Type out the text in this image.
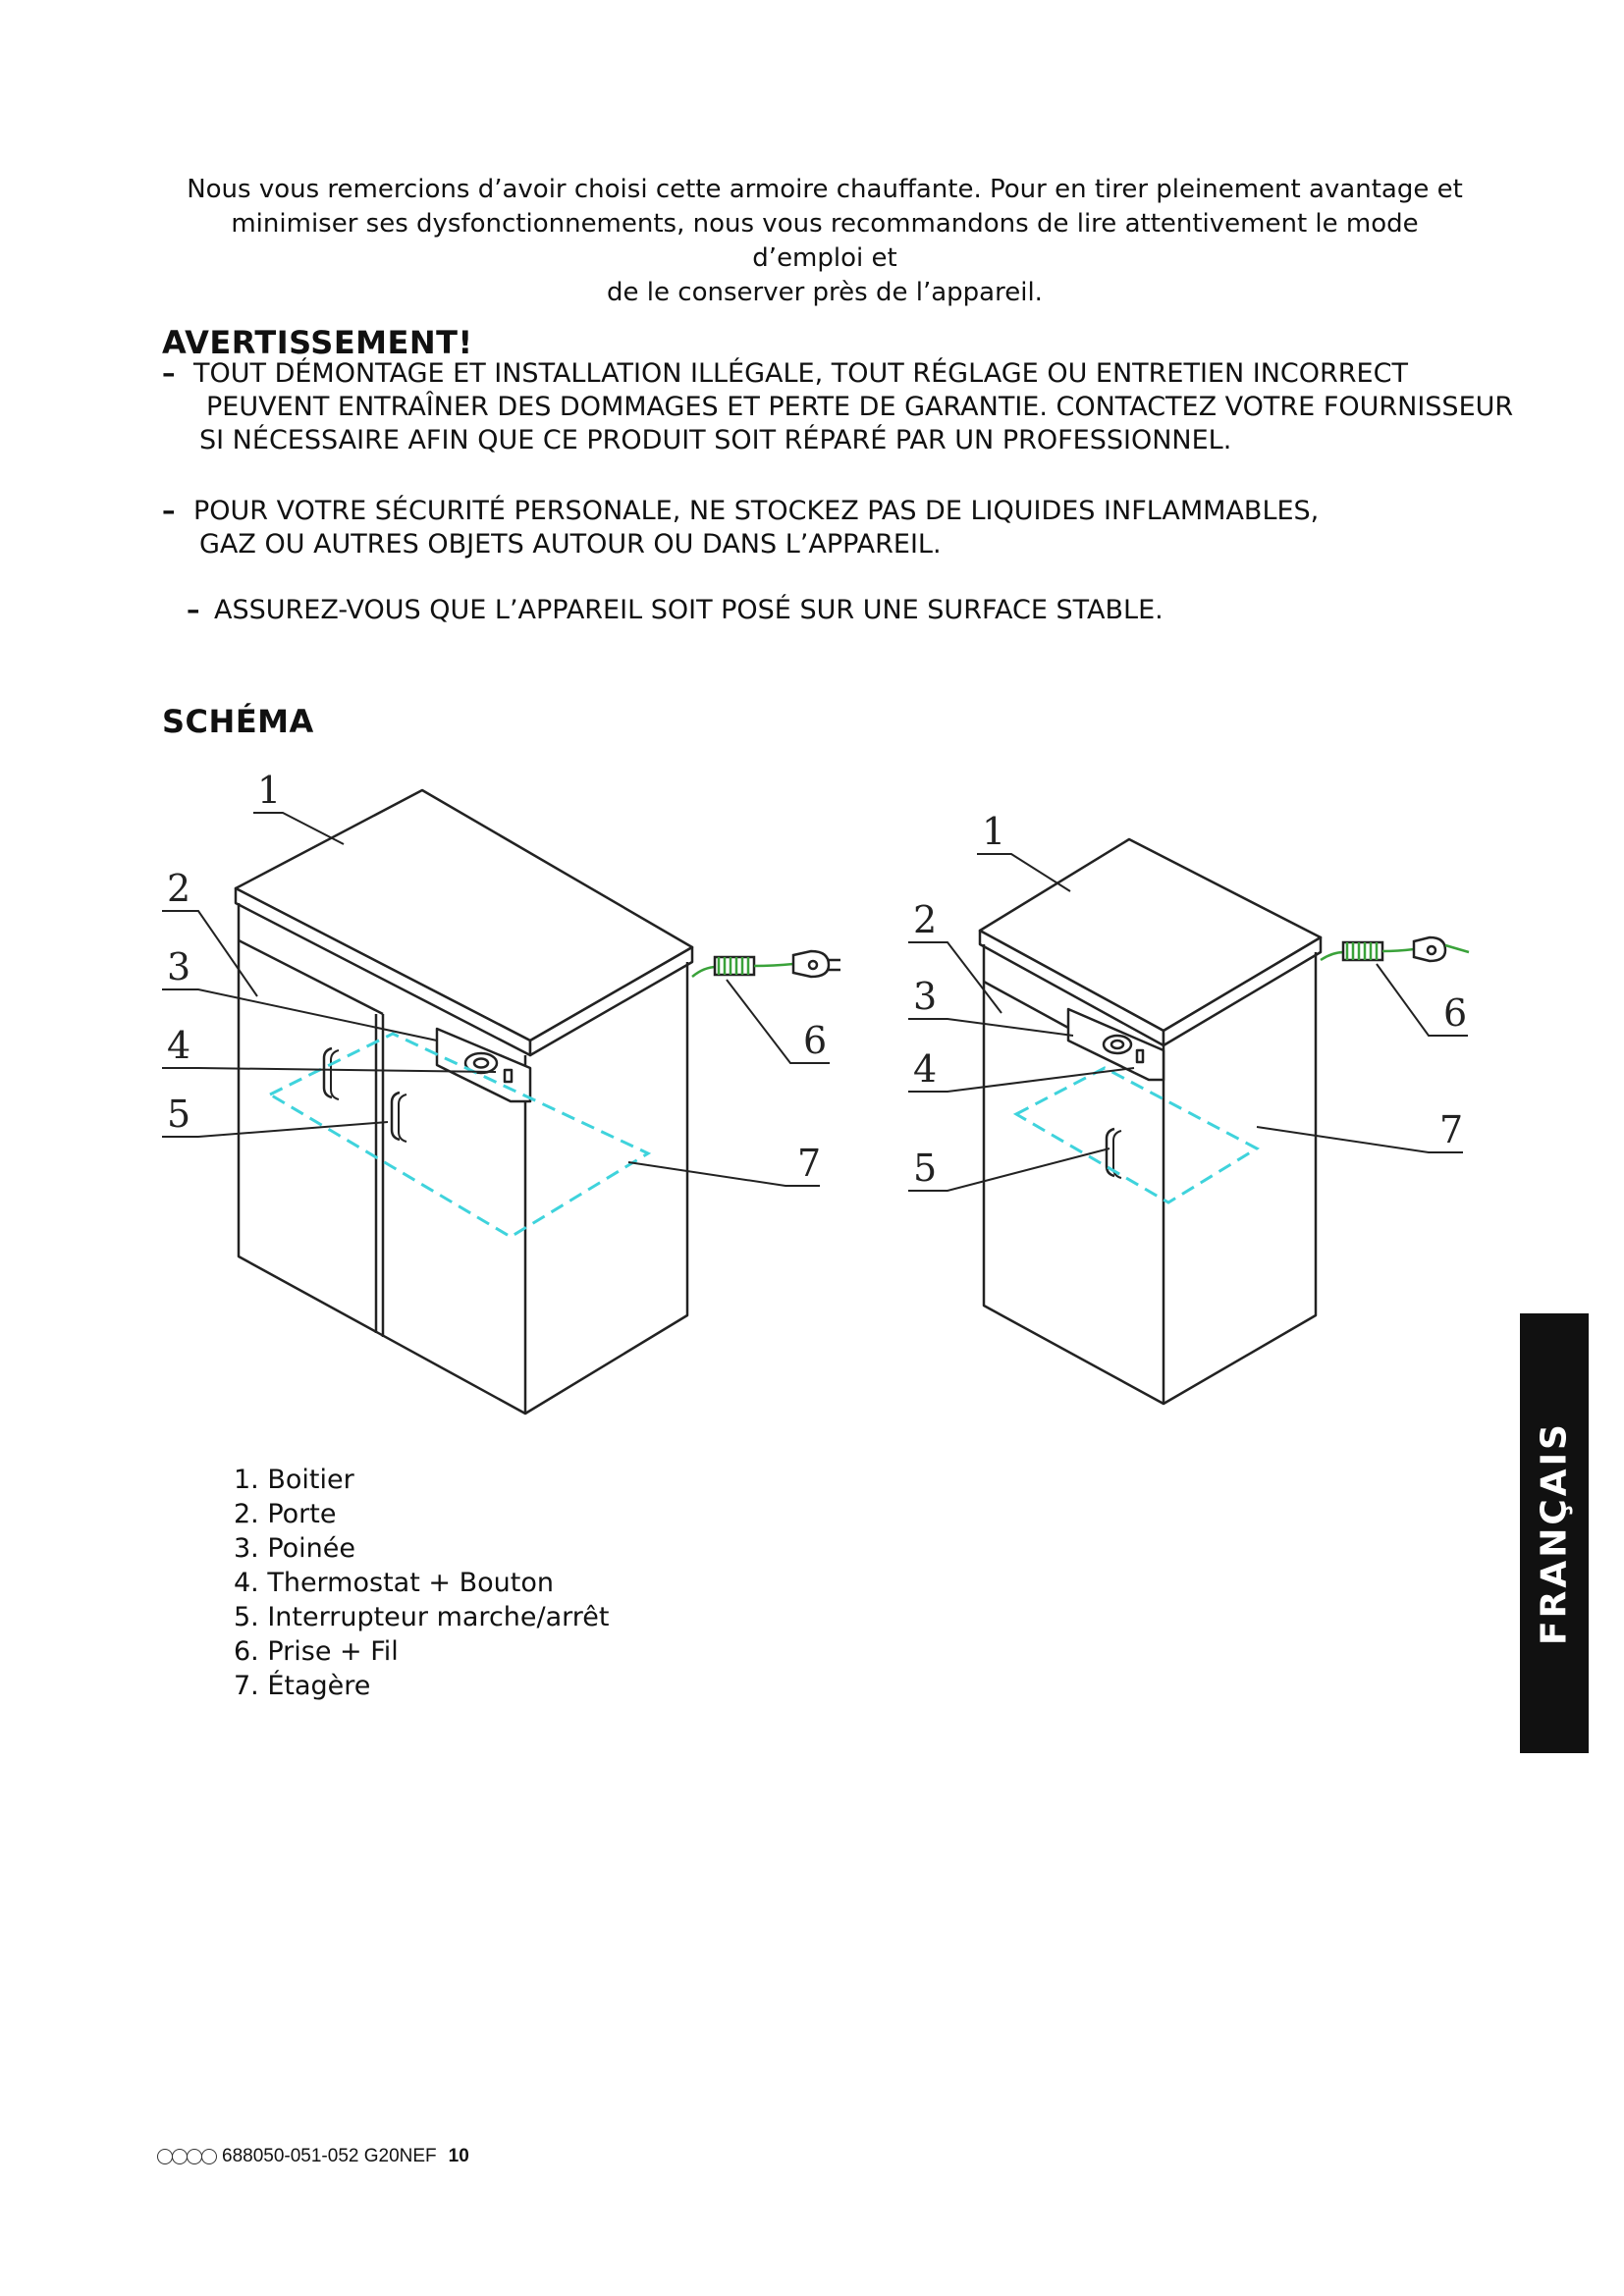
Nous vous remercions d’avoir choisi cette armoire chauffante. Pour en tirer pleinement avantage et

minimiser ses dysfonctionnements, nous vous recommandons de lire attentivement le mode d’emploi et

de le conserver près de l’appareil.

AVERTISSEMENT!
– TOUT DÉMONTAGE ET INSTALLATION ILLÉGALE, TOUT RÉGLAGE OU ENTRETIEN INCORRECT
PEUVENT ENTRAÎNER DES DOMMAGES ET PERTE DE GARANTIE. CONTACTEZ VOTRE FOURNISSEUR
SI NÉCESSAIRE AFIN QUE CE PRODUIT SOIT RÉPARÉ PAR UN PROFESSIONNEL.
– POUR VOTRE SÉCURITÉ PERSONALE, NE STOCKEZ PAS DE LIQUIDES INFLAMMABLES,
GAZ OU AUTRES OBJETS AUTOUR OU DANS L’APPAREIL.
– ASSUREZ-VOUS QUE L’APPAREIL SOIT POSÉ SUR UNE SURFACE STABLE.
SCHÉMA
1
2
3
4
5
6
7
1
2
3
4
5
6
7
1. Boitier
2. Porte
3. Poinée
4. Thermostat + Bouton
5. Interrupteur marche/arrêt
6. Prise + Fil
7. Étagère
FRANÇAIS
688050-051-052 G20NEF 10
